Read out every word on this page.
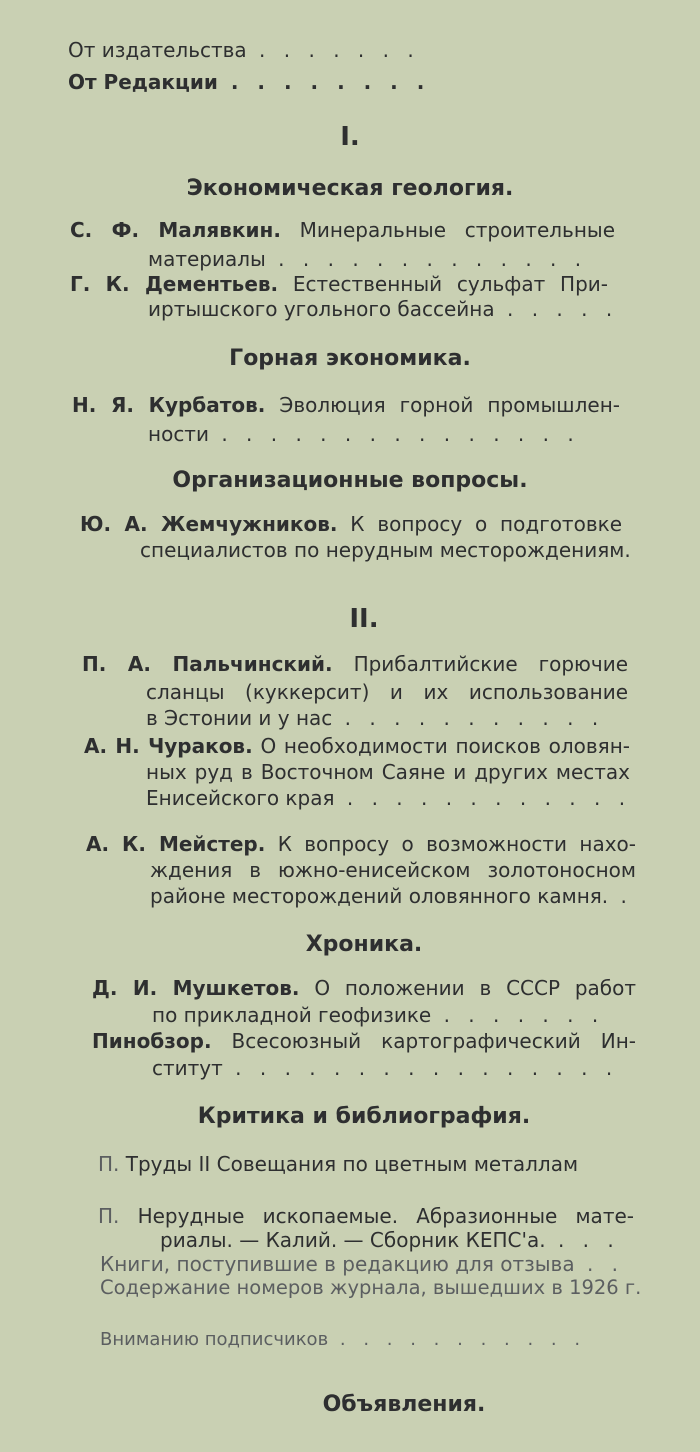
От издательства . . . . . . .
От Редакции . . . . . . . .
I.
Экономическая геология.
С. Ф. Малявкин. Минеральные строительные
материалы . . . . . . . . . . . . .
Г. К. Дементьев. Естественный сульфат При-
иртышского угольного бассейна . . . . .
Горная экономика.
Н. Я. Курбатов. Эволюция горной промышлен-
ности . . . . . . . . . . . . . . .
Организационные вопросы.
Ю. А. Жемчужников. К вопросу о подготовке
специалистов по нерудным месторождениям.
II.
П. А. Пальчинский. Прибалтийские горючие
сланцы (куккерсит) и их использование
в Эстонии и у нас . . . . . . . . . . .
А. Н. Чураков. О необходимости поисков оловян-
ных руд в Восточном Саяне и других местах
Енисейского края . . . . . . . . . . . .
А. К. Мейстер. К вопросу о возможности нахо-
ждения в южно-енисейском золотоносном
районе месторождений оловянного камня. .
Хроника.
Д. И. Мушкетов. О положении в СССР работ
по прикладной геофизике . . . . . . .
Пинобзор. Всесоюзный картографический Ин-
ститут . . . . . . . . . . . . . . . .
Критика и библиография.
П. Труды II Совещания по цветным металлам
П. Нерудные ископаемые. Абразионные мате-
риалы. — Калий. — Сборник КЕПС'а. . . .
Книги, поступившие в редакцию для отзыва . .
Содержание номеров журнала, вышедших в 1926 г.
Вниманию подписчиков . . . . . . . . . . .
Объявления.
